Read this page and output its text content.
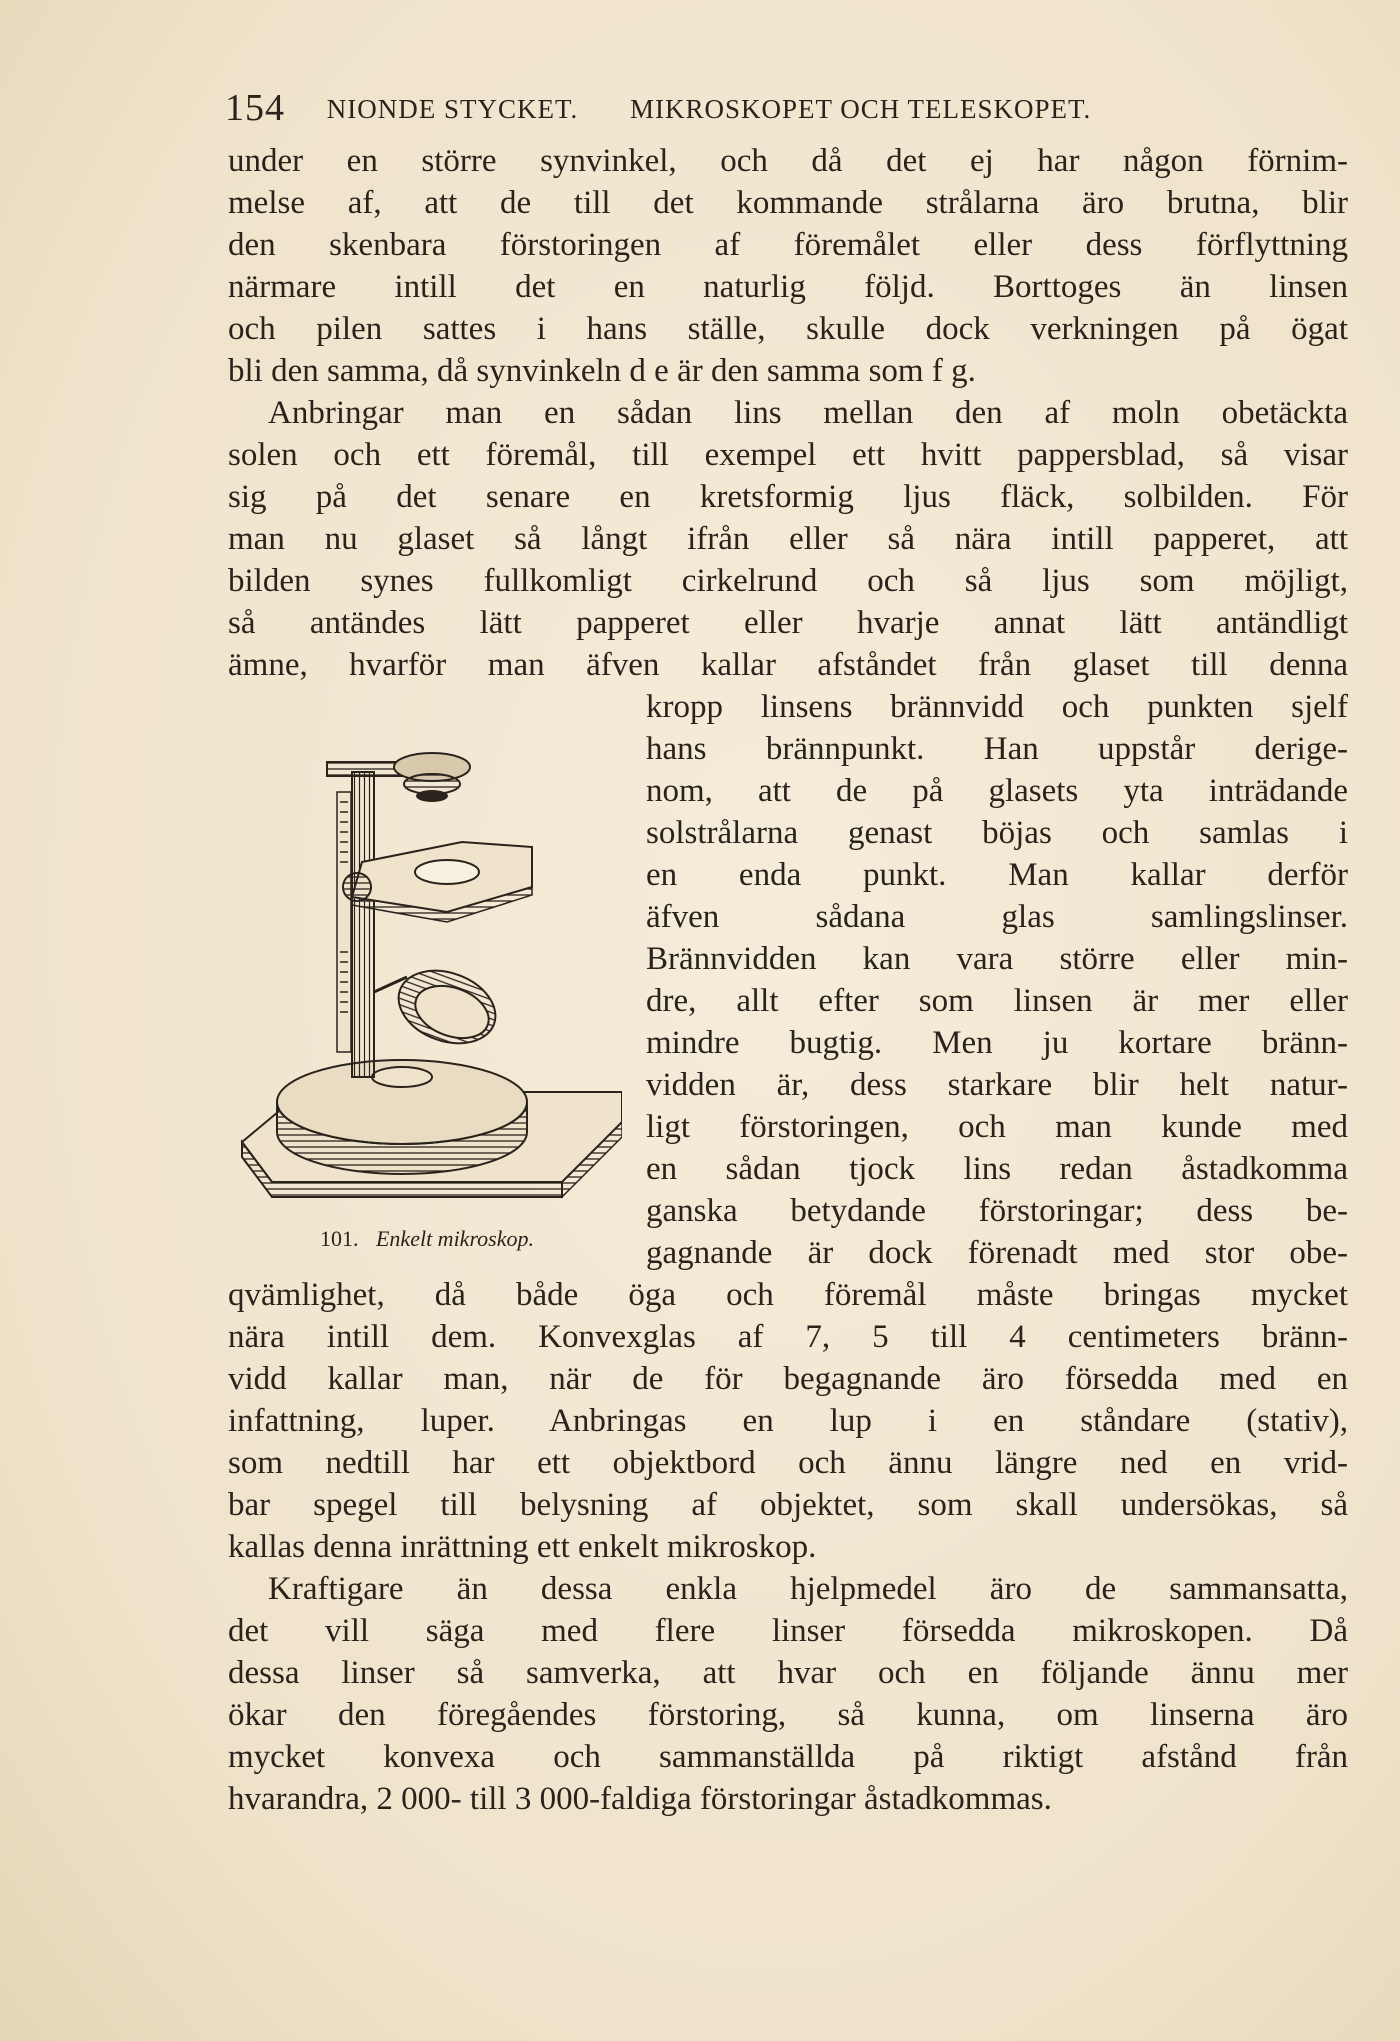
154 NIONDE STYCKET. MIKROSKOPET OCH TELESKOPET.
under en större synvinkel, och då det ej har någon förnim-
melse af, att de till det kommande strålarna äro brutna, blir
den skenbara förstoringen af föremålet eller dess förflyttning
närmare intill det en naturlig följd. Borttoges än linsen
och pilen sattes i hans ställe, skulle dock verkningen på ögat
bli den samma, då synvinkeln d e är den samma som f g.
Anbringar man en sådan lins mellan den af moln obetäckta
solen och ett föremål, till exempel ett hvitt pappersblad, så visar
sig på det senare en kretsformig ljus fläck, solbilden. För
man nu glaset så långt ifrån eller så nära intill papperet, att
bilden synes fullkomligt cirkelrund och så ljus som möjligt,
så antändes lätt papperet eller hvarje annat lätt antändligt
ämne, hvarför man äfven kallar afståndet från glaset till denna
kropp linsens brännvidd och punkten sjelf
hans brännpunkt. Han uppstår derige-
nom, att de på glasets yta inträdande
solstrålarna genast böjas och samlas i
en enda punkt. Man kallar derför
äfven sådana glas samlingslinser.
Brännvidden kan vara större eller min-
dre, allt efter som linsen är mer eller
mindre bugtig. Men ju kortare bränn-
vidden är, dess starkare blir helt natur-
ligt förstoringen, och man kunde med
en sådan tjock lins redan åstadkomma
ganska betydande förstoringar; dess be-
gagnande är dock förenadt med stor obe-
qvämlighet, då både öga och föremål måste bringas mycket
nära intill dem. Konvexglas af 7, 5 till 4 centimeters bränn-
vidd kallar man, när de för begagnande äro försedda med en
infattning, luper. Anbringas en lup i en ståndare (stativ),
som nedtill har ett objektbord och ännu längre ned en vrid-
bar spegel till belysning af objektet, som skall undersökas, så
kallas denna inrättning ett enkelt mikroskop.
Kraftigare än dessa enkla hjelpmedel äro de sammansatta,
det vill säga med flere linser försedda mikroskopen. Då
dessa linser så samverka, att hvar och en följande ännu mer
ökar den föregåendes förstoring, så kunna, om linserna äro
mycket konvexa och sammanställda på riktigt afstånd från
hvarandra, 2 000- till 3 000-faldiga förstoringar åstadkommas.
101. Enkelt mikroskop.
